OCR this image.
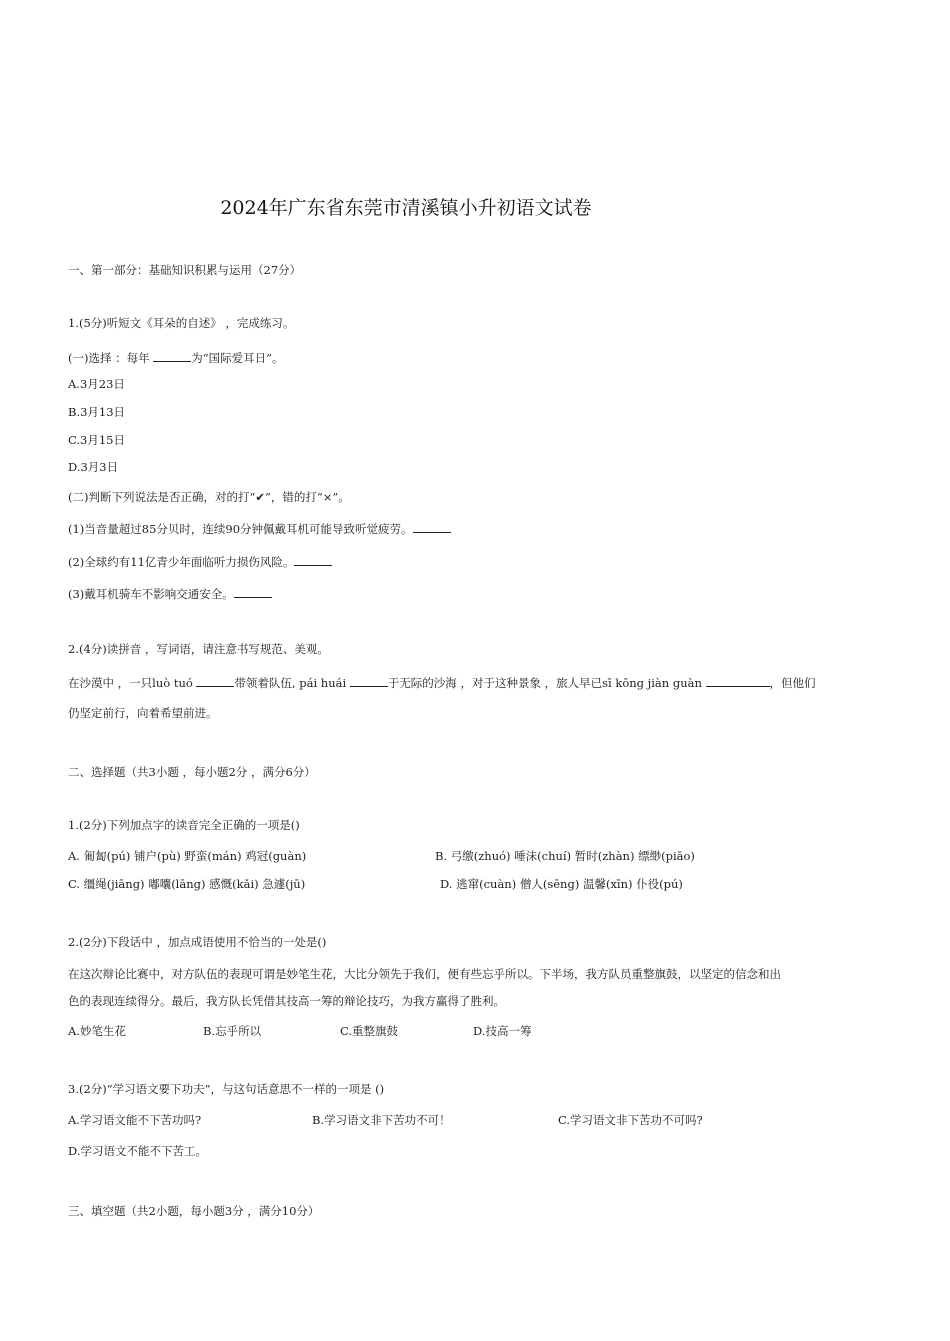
2024年广东省东莞市清溪镇小升初语文试卷
一、第一部分：基础知识积累与运用（27分）
1.(5分)听短文《耳朵的自述》 ，完成练习。
(一)选择 ：每年	为“国际爱耳日”。
A.3月23日
B.3月13日
C.3月15日
D.3月3日
(二)判断下列说法是否正确，对的打“✔”，错的打“×”。
(1)当音量超过85分贝时，连续90分钟佩戴耳机可能导致听觉疲劳。
(2)全球约有11亿青少年面临听力损伤风险。
(3)戴耳机骑车不影响交通安全。
2.(4分)读拼音 ，写词语，请注意书写规范、美观。
在沙漠中 ，一只luò tuó	带领着队伍, pái huái	于无际的沙海 ，对于这种景象 ，旅人早已sī kōng jiàn guàn	，但他们
仍坚定前行，向着希望前进。
二、选择题（共3小题 ，每小题2分 ，满分6分）
1.(2分)下列加点字的读音完全正确的一项是()
A. 匍匐(pú) 铺户(pù) 野蛮(mán) 鸡冠(guàn)	B. 弓缴(zhuó) 唾沫(chuí) 暂时(zhàn) 缥缈(piāo)
C. 缰绳(jiāng) 嘟囔(lāng) 感慨(kǎi) 急遽(jū)	D. 逃窜(cuàn) 僧人(sēng) 温馨(xīn) 仆役(pú)
2.(2分)下段话中 ，加点成语使用不恰当的一处是()
在这次辩论比赛中，对方队伍的表现可谓是妙笔生花，大比分领先于我们，便有些忘乎所以。下半场，我方队员重整旗鼓，以坚定的信念和出
色的表现连续得分。最后，我方队长凭借其技高一筹的辩论技巧，为我方赢得了胜利。
A.妙笔生花	B.忘乎所以	C.重整旗鼓	D.技高一筹
3.(2分)“学习语文要下功夫”，与这句话意思不一样的一项是 ()
A.学习语文能不下苦功吗?	B.学习语文非下苦功不可！	C.学习语文非下苦功不可吗?
D.学习语文不能不下苦工。
三、填空题（共2小题，每小题3分 ，满分10分）
